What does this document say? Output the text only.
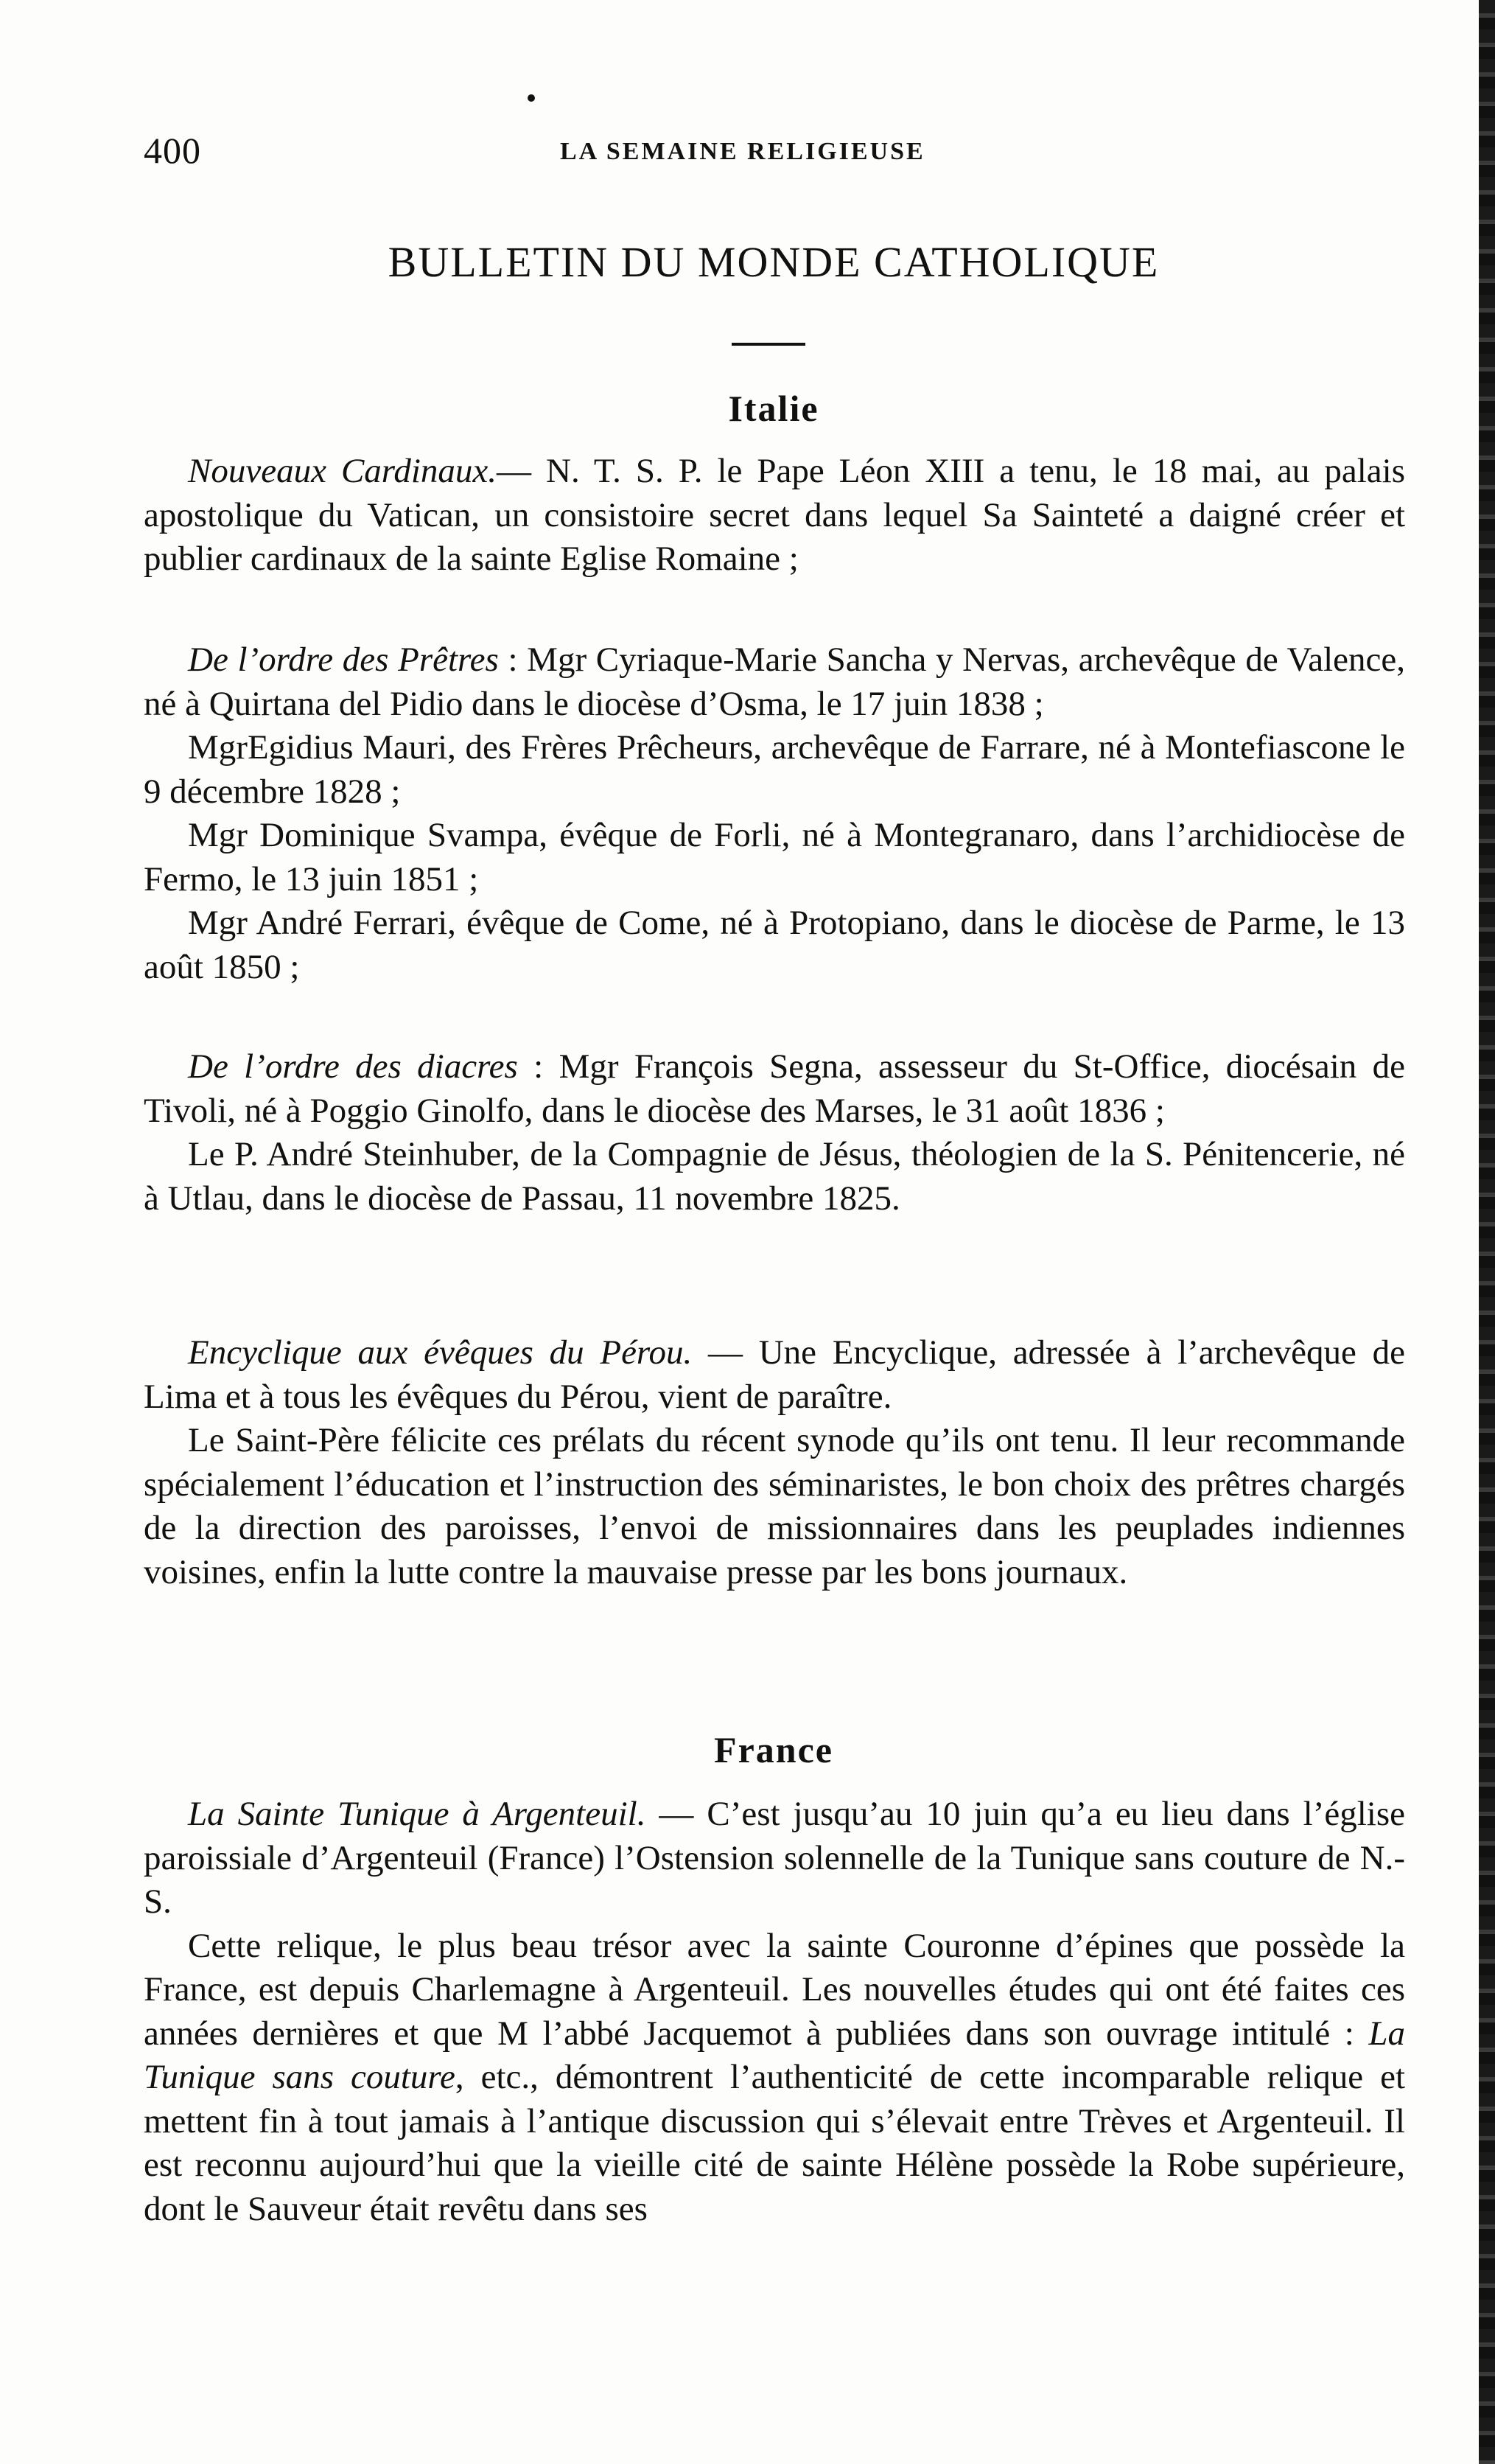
400	LA SEMAINE RELIGIEUSE
BULLETIN DU MONDE CATHOLIQUE
Italie

Nouveaux Cardinaux.— N. T. S. P. le Pape Léon XIII a tenu, le 18 mai, au palais apostolique du Vatican, un consistoire secret dans lequel Sa Sainteté a daigné créer et publier cardinaux de la sainte Eglise Romaine ;

De l’ordre des Prêtres : Mgr Cyriaque-Marie Sancha y Nervas, archevêque de Valence, né à Quirtana del Pidio dans le diocèse d’Osma, le 17 juin 1838 ;

MgrEgidius Mauri, des Frères Prêcheurs, archevêque de Farrare, né à Montefiascone le 9 décembre 1828 ;

Mgr Dominique Svampa, évêque de Forli, né à Montegranaro, dans l’archidiocèse de Fermo, le 13 juin 1851 ;

Mgr André Ferrari, évêque de Come, né à Protopiano, dans le diocèse de Parme, le 13 août 1850 ;

De l’ordre des diacres : Mgr François Segna, assesseur du St-Office, diocésain de Tivoli, né à Poggio Ginolfo, dans le diocèse des Marses, le 31 août 1836 ;

Le P. André Steinhuber, de la Compagnie de Jésus, théologien de la S. Pénitencerie, né à Utlau, dans le diocèse de Passau, 11 novembre 1825.

Encyclique aux évêques du Pérou. — Une Encyclique, adressée à l’archevêque de Lima et à tous les évêques du Pérou, vient de paraître.

Le Saint-Père félicite ces prélats du récent synode qu’ils ont tenu. Il leur recommande spécialement l’éducation et l’instruction des séminaristes, le bon choix des prêtres chargés de la direction des paroisses, l’envoi de missionnaires dans les peuplades indiennes voisines, enfin la lutte contre la mauvaise presse par les bons journaux.

France

La Sainte Tunique à Argenteuil. — C’est jusqu’au 10 juin qu’a eu lieu dans l’église paroissiale d’Argenteuil (France) l’Ostension solennelle de la Tunique sans couture de N.-S.

Cette relique, le plus beau trésor avec la sainte Couronne d’épines que possède la France, est depuis Charlemagne à Argenteuil. Les nouvelles études qui ont été faites ces années dernières et que M l’abbé Jacquemot à publiées dans son ouvrage intitulé : La Tunique sans couture, etc., démontrent l’authenticité de cette incomparable relique et mettent fin à tout jamais à l’antique discussion qui s’élevait entre Trèves et Argenteuil. Il est reconnu aujourd’hui que la vieille cité de sainte Hélène possède la Robe supérieure, dont le Sauveur était revêtu dans ses
